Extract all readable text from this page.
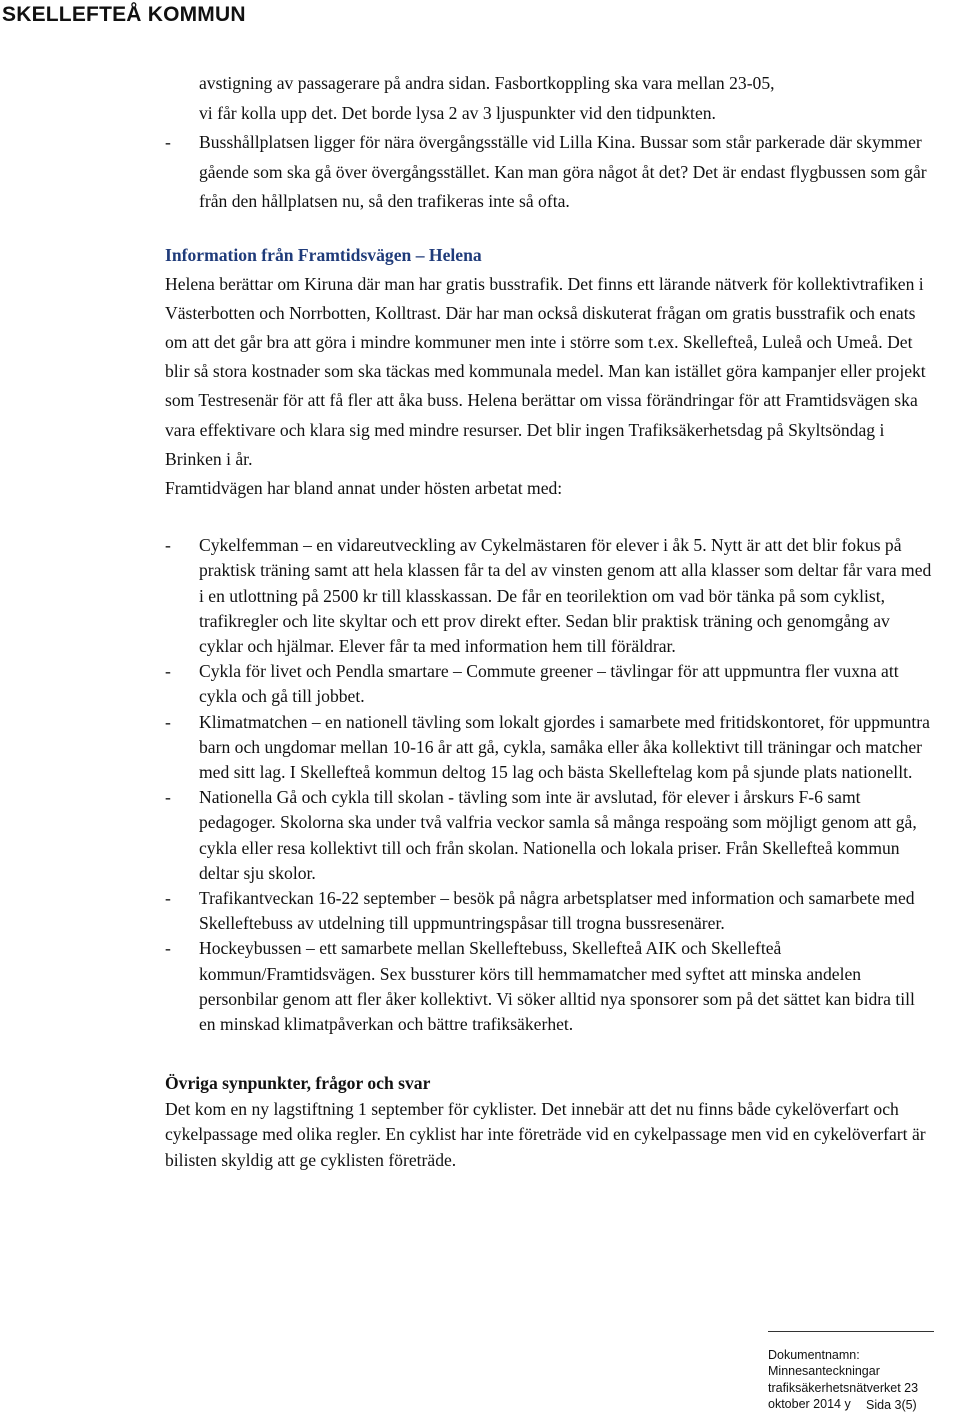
SKELLEFTEÅ KOMMUN

avstigning av passagerare på andra sidan. Fasbortkoppling ska vara mellan 23-05,

vi får kolla upp det. Det borde lysa 2 av 3 ljuspunkter vid den tidpunkten.

- Busshållplatsen ligger för nära övergångsställe vid Lilla Kina. Bussar som står parkerade där skymmer gående som ska gå över övergångsstället. Kan man göra något åt det? Det är endast flygbussen som går från den hållplatsen nu, så den trafikeras inte så ofta.

Information från Framtidsvägen – Helena

Helena berättar om Kiruna där man har gratis busstrafik. Det finns ett lärande nätverk för kollektivtrafiken i Västerbotten och Norrbotten, Kolltrast. Där har man också diskuterat frågan om gratis busstrafik och enats om att det går bra att göra i mindre kommuner men inte i större som t.ex. Skellefteå, Luleå och Umeå. Det blir så stora kostnader som ska täckas med kommunala medel. Man kan istället göra kampanjer eller projekt som Testresenär för att få fler att åka buss. Helena berättar om vissa förändringar för att Framtidsvägen ska vara effektivare och klara sig med mindre resurser. Det blir ingen Trafiksäkerhetsdag på Skyltsöndag i Brinken i år.

Framtidvägen har bland annat under hösten arbetat med:

- Cykelfemman – en vidareutveckling av Cykelmästaren för elever i åk 5. Nytt är att det blir fokus på praktisk träning samt att hela klassen får ta del av vinsten genom att alla klasser som deltar får vara med i en utlottning på 2500 kr till klasskassan. De får en teorilektion om vad bör tänka på som cyklist, trafikregler och lite skyltar och ett prov direkt efter. Sedan blir praktisk träning och genomgång av cyklar och hjälmar. Elever får ta med information hem till föräldrar.
- Cykla för livet och Pendla smartare – Commute greener – tävlingar för att uppmuntra fler vuxna att cykla och gå till jobbet.
- Klimatmatchen – en nationell tävling som lokalt gjordes i samarbete med fritidskontoret, för uppmuntra barn och ungdomar mellan 10-16 år att gå, cykla, samåka eller åka kollektivt till träningar och matcher med sitt lag. I Skellefteå kommun deltog 15 lag och bästa Skelleftelag kom på sjunde plats nationellt.
- Nationella Gå och cykla till skolan - tävling som inte är avslutad, för elever i årskurs F-6 samt pedagoger. Skolorna ska under två valfria veckor samla så många respoäng som möjligt genom att gå, cykla eller resa kollektivt till och från skolan. Nationella och lokala priser. Från Skellefteå kommun deltar sju skolor.
- Trafikantveckan 16-22 september – besök på några arbetsplatser med information och samarbete med Skelleftebuss av utdelning till uppmuntringspåsar till trogna bussresenärer.
- Hockeybussen – ett samarbete mellan Skelleftebuss, Skellefteå AIK och Skellefteå kommun/Framtidsvägen. Sex bussturer körs till hemmamatcher med syftet att minska andelen personbilar genom att fler åker kollektivt. Vi söker alltid nya sponsorer som på det sättet kan bidra till en minskad klimatpåverkan och bättre trafiksäkerhet.

Övriga synpunkter, frågor och svar

Det kom en ny lagstiftning 1 september för cyklister. Det innebär att det nu finns både cykelöverfart och cykelpassage med olika regler. En cyklist har inte företräde vid en cykelpassage men vid en cykelöverfart är bilisten skyldig att ge cyklisten företräde.

Dokumentnamn:
Minnesanteckningar
trafiksäkerhetsnätverket 23
oktober 2014 y	Sida 3(5)
